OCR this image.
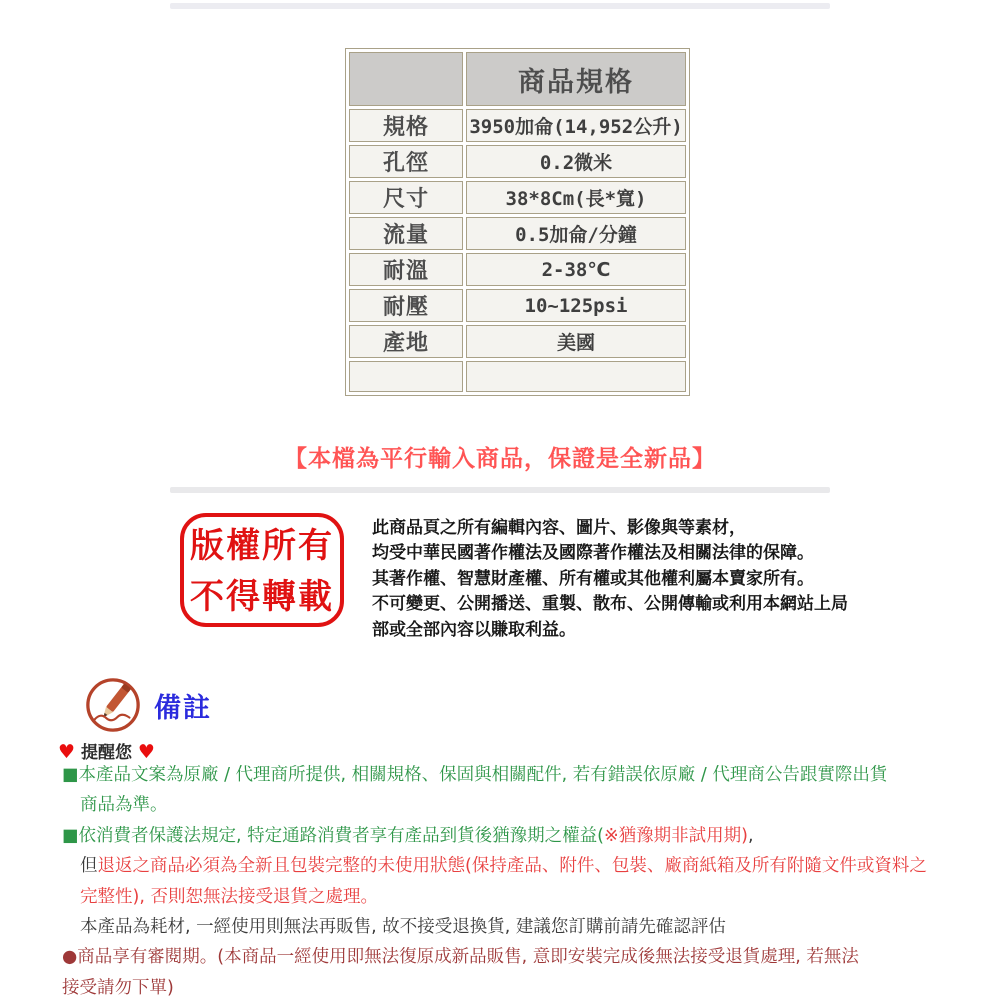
	商品規格
規格	3950加侖(14,952公升)
孔徑	0.2微米
尺寸	38*8Cm(長*寬)
流量	0.5加侖/分鐘
耐溫	2-38℃
耐壓	10~125psi
產地	美國

【本檔為平行輸入商品，保證是全新品】
版權所有
不得轉載
此商品頁之所有編輯內容、圖片、影像與等素材，
均受中華民國著作權法及國際著作權法及相關法律的保障。
其著作權、智慧財產權、所有權或其他權利屬本賣家所有。
不可變更、公開播送、重製、散布、公開傳輸或利用本網站上局
部或全部內容以賺取利益。
備註
♥ 提醒您 ♥
■本產品文案為原廠 / 代理商所提供, 相關規格、保固與相關配件, 若有錯誤依原廠 / 代理商公告跟實際出貨
商品為準。
■依消費者保護法規定, 特定通路消費者享有產品到貨後猶豫期之權益(※猶豫期非試用期),
但退返之商品必須為全新且包裝完整的未使用狀態(保持產品、附件、包裝、廠商紙箱及所有附隨文件或資料之
完整性), 否則恕無法接受退貨之處理。
本產品為耗材, 一經使用則無法再販售, 故不接受退換貨, 建議您訂購前請先確認評估
●商品享有審閱期。(本商品一經使用即無法復原成新品販售, 意即安裝完成後無法接受退貨處理, 若無法
接受請勿下單)
